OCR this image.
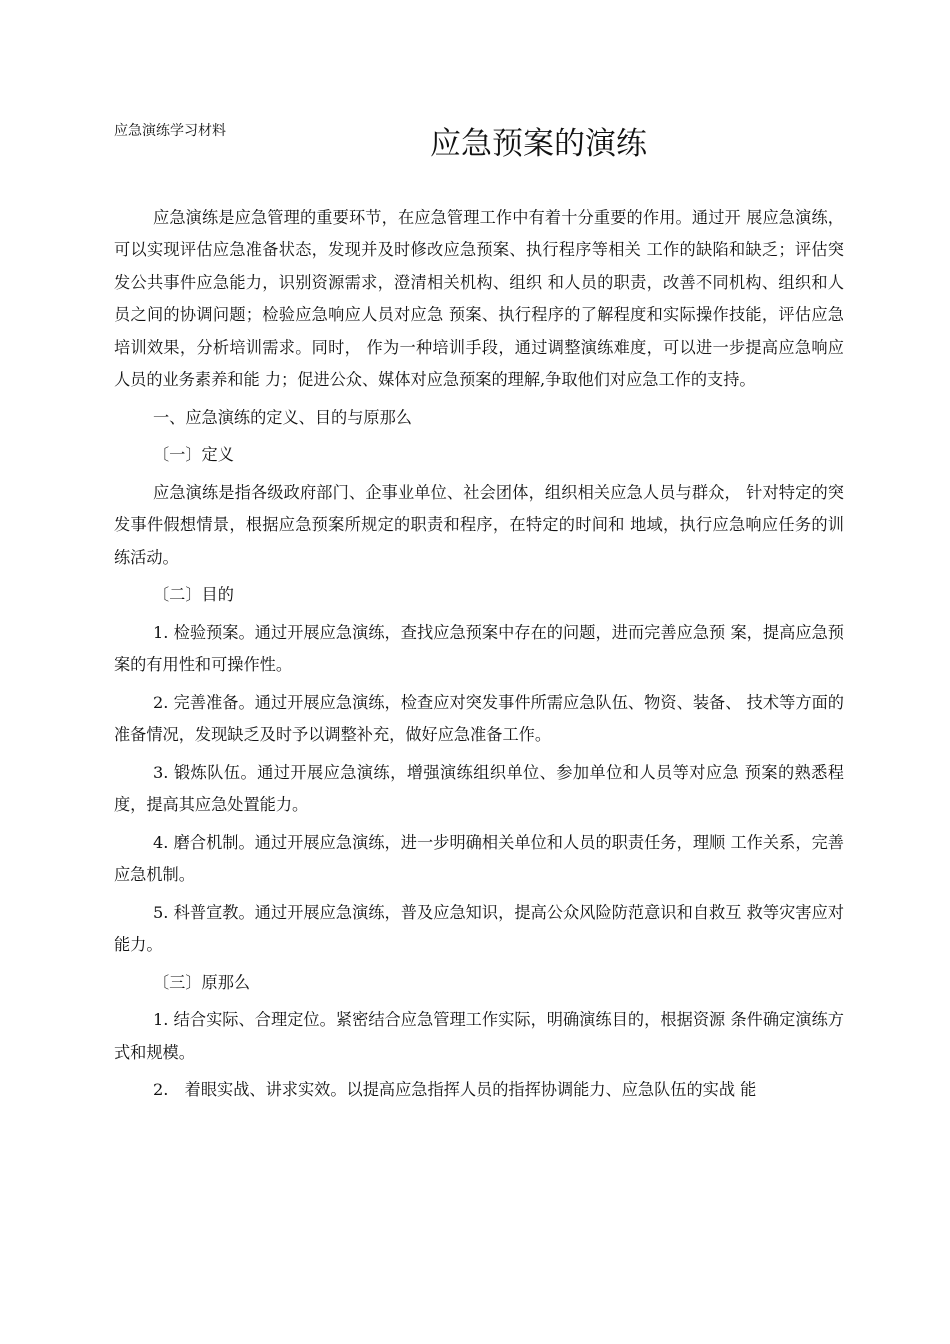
应急演练学习材料	应急预案的演练

应急演练是应急管理的重要环节，在应急管理工作中有着十分重要的作用。通过开 展应急演练，可以实现评估应急准备状态，发现并及时修改应急预案、执行程序等相关 工作的缺陷和缺乏；评估突发公共事件应急能力，识别资源需求，澄清相关机构、组织 和人员的职责，改善不同机构、组织和人员之间的协调问题；检验应急响应人员对应急 预案、执行程序的了解程度和实际操作技能，评估应急培训效果，分析培训需求。同时， 作为一种培训手段，通过调整演练难度，可以进一步提高应急响应人员的业务素养和能 力；促进公众、媒体对应急预案的理解,争取他们对应急工作的支持。

一、应急演练的定义、目的与原那么

〔一〕定义

应急演练是指各级政府部门、企事业单位、社会团体，组织相关应急人员与群众， 针对特定的突发事件假想情景，根据应急预案所规定的职责和程序，在特定的时间和 地域，执行应急响应任务的训练活动。

〔二〕目的

1. 检验预案。通过开展应急演练，查找应急预案中存在的问题，进而完善应急预 案，提高应急预案的有用性和可操作性。

2. 完善准备。通过开展应急演练，检查应对突发事件所需应急队伍、物资、装备、 技术等方面的准备情况，发现缺乏及时予以调整补充，做好应急准备工作。

3. 锻炼队伍。通过开展应急演练，增强演练组织单位、参加单位和人员等对应急 预案的熟悉程度，提高其应急处置能力。

4. 磨合机制。通过开展应急演练，进一步明确相关单位和人员的职责任务，理顺 工作关系，完善应急机制。

5. 科普宣教。通过开展应急演练，普及应急知识，提高公众风险防范意识和自救互 救等灾害应对能力。

〔三〕原那么

1. 结合实际、合理定位。紧密结合应急管理工作实际，明确演练目的，根据资源 条件确定演练方式和规模。

2.　着眼实战、讲求实效。以提高应急指挥人员的指挥协调能力、应急队伍的实战 能
